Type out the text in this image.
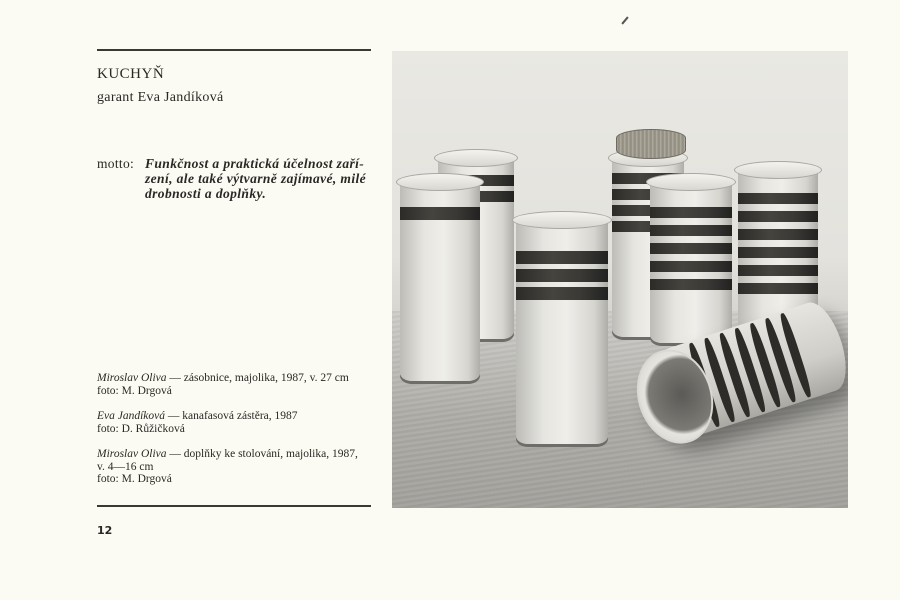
KUCHYŇ
garant Eva Jandíková
motto: Funkčnost a praktická účelnost zaří-
zení, ale také výtvarně zajímavé, milé
drobnosti a doplňky.
Miroslav Oliva — zásobnice, majolika, 1987, v. 27 cm
foto: M. Drgová
Eva Jandíková — kanafasová zástěra, 1987
foto: D. Růžičková
Miroslav Oliva — doplňky ke stolování, majolika, 1987,
v. 4—16 cm
foto: M. Drgová
12
